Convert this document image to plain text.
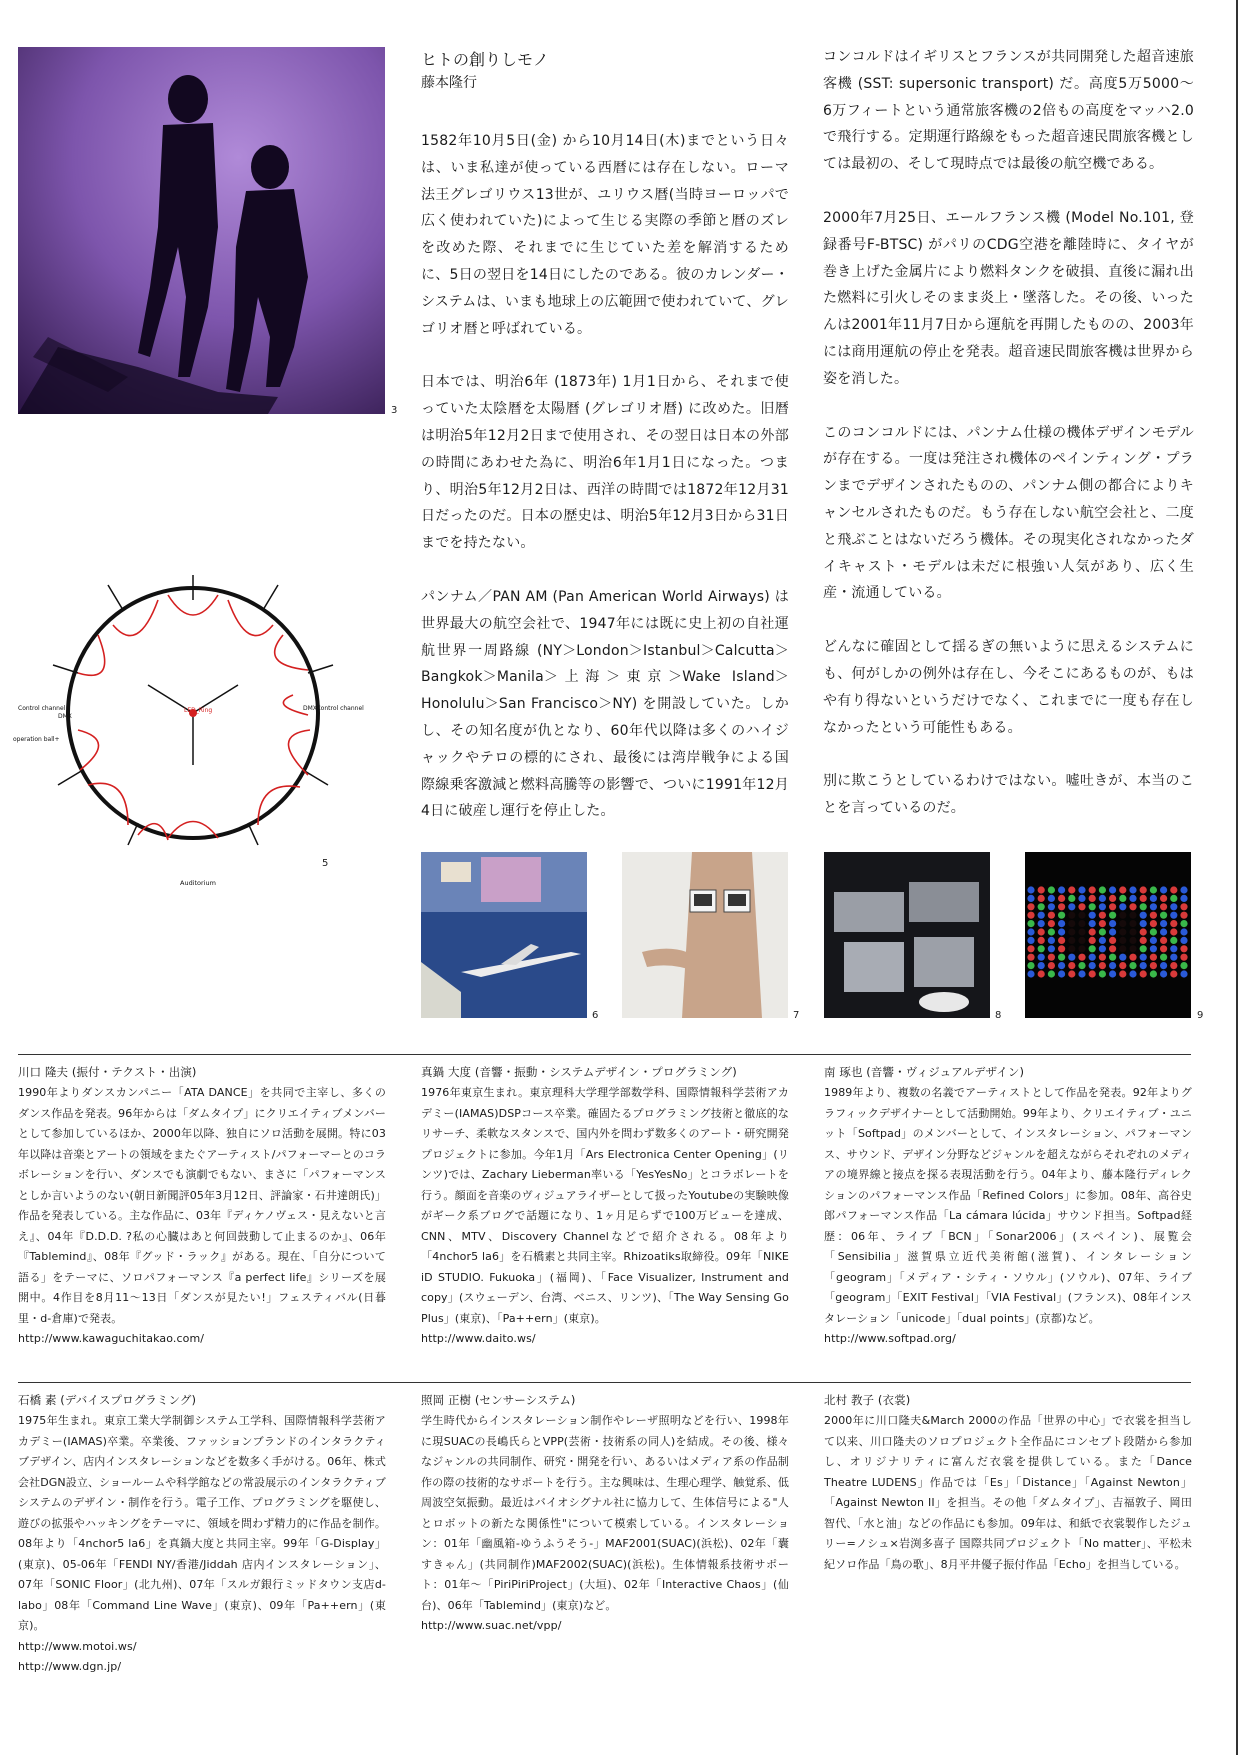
3
ヒトの創りしモノ
藤本隆行

1582年10月5日(金) から10月14日(木)までという日々は、いま私達が使っている西暦には存在しない。ローマ法王グレゴリウス13世が、ユリウス暦(当時ヨーロッパで広く使われていた)によって生じる実際の季節と暦のズレを改めた際、それまでに生じていた差を解消するために、5日の翌日を14日にしたのである。彼のカレンダー・システムは、いまも地球上の広範囲で使われていて、グレゴリオ暦と呼ばれている。

日本では、明治6年 (1873年) 1月1日から、それまで使っていた太陰暦を太陽暦 (グレゴリオ暦) に改めた。旧暦は明治5年12月2日まで使用され、その翌日は日本の外部の時間にあわせた為に、明治6年1月1日になった。つまり、明治5年12月2日は、西洋の時間では1872年12月31日だったのだ。日本の歴史は、明治5年12月3日から31日までを持たない。

パンナム／PAN AM (Pan American World Airways) は世界最大の航空会社で、1947年には既に史上初の自社運航世界一周路線 (NY＞London＞Istanbul＞Calcutta＞Bangkok＞Manila＞上海＞東京＞Wake Island＞Honolulu＞San Francisco＞NY) を開設していた。しかし、その知名度が仇となり、60年代以降は多くのハイジャックやテロの標的にされ、最後には湾岸戦争による国際線乗客激減と燃料高騰等の影響で、ついに1991年12月4日に破産し運行を停止した。

コンコルドはイギリスとフランスが共同開発した超音速旅客機 (SST: supersonic transport) だ。高度5万5000〜6万フィートという通常旅客機の2倍もの高度をマッハ2.0で飛行する。定期運行路線をもった超音速民間旅客機としては最初の、そして現時点では最後の航空機である。

2000年7月25日、エールフランス機 (Model No.101, 登録番号F-BTSC) がパリのCDG空港を離陸時に、タイヤが巻き上げた金属片により燃料タンクを破損、直後に漏れ出た燃料に引火しそのまま炎上・墜落した。その後、いったんは2001年11月7日から運航を再開したものの、2003年には商用運航の停止を発表。超音速民間旅客機は世界から姿を消した。

このコンコルドには、パンナム仕様の機体デザインモデルが存在する。一度は発注され機体のペインティング・プランまでデザインされたものの、パンナム側の都合によりキャンセルされたものだ。もう存在しない航空会社と、二度と飛ぶことはないだろう機体。その現実化されなかったダイキャスト・モデルは未だに根強い人気があり、広く生産・流通している。

どんなに確固として揺るぎの無いように思えるシステムにも、何がしかの例外は存在し、今そこにあるものが、もはや有り得ないというだけでなく、これまでに一度も存在しなかったという可能性もある。

別に欺こうとしているわけではない。嘘吐きが、本当のことを言っているのだ。

LED_Ring
Control channel
DMX
DMXControl channel
operation ball+
Auditorium
5
6	7	8	9
川口 隆夫 (振付・テクスト・出演)

1990年よりダンスカンパニー「ATA DANCE」を共同で主宰し、多くのダンス作品を発表。96年からは「ダムタイプ」にクリエイティブメンバーとして参加しているほか、2000年以降、独自にソロ活動を展開。特に03年以降は音楽とアートの領域をまたぐアーティスト/パフォーマーとのコラボレーションを行い、ダンスでも演劇でもない、まさに「パフォーマンスとしか言いようのない(朝日新聞評05年3月12日、評論家・石井達朗氏)」作品を発表している。主な作品に、03年『ディケノヴェス・見えないと言え』、04年『D.D.D. ?私の心臓はあと何回鼓動して止まるのか』、06年『Tablemind』、08年『グッド・ラック』がある。現在、「自分について語る」をテーマに、ソロパフォーマンス『a perfect life』シリーズを展開中。4作目を8月11〜13日「ダンスが見たい!」フェスティバル(日暮里・d-倉庫)で発表。

http://www.kawaguchitakao.com/
真鍋 大度 (音響・振動・システムデザイン・プログラミング)

1976年東京生まれ。東京理科大学理学部数学科、国際情報科学芸術アカデミー(IAMAS)DSPコース卒業。確固たるプログラミング技術と徹底的なリサーチ、柔軟なスタンスで、国内外を問わず数多くのアート・研究開発プロジェクトに参加。今年1月「Ars Electronica Center Opening」(リンツ)では、Zachary Lieberman率いる「YesYesNo」とコラボレートを行う。顔面を音楽のヴィジュアライザーとして扱ったYoutubeの実験映像がギーク系ブログで話題になり、1ヶ月足らずで100万ビューを達成、CNN、MTV、Discovery Channelなどで紹介される。08年より「4nchor5 la6」を石橋素と共同主宰。Rhizoatiks取締役。09年「NIKE iD STUDIO. Fukuoka」(福岡)、「Face Visualizer, Instrument and copy」(スウェーデン、台湾、ベニス、リンツ)、「The Way Sensing Go Plus」(東京)、「Pa++ern」(東京)。

http://www.daito.ws/
南 琢也 (音響・ヴィジュアルデザイン)

1989年より、複数の名義でアーティストとして作品を発表。92年よりグラフィックデザイナーとして活動開始。99年より、クリエイティブ・ユニット「Softpad」のメンバーとして、インスタレーション、パフォーマンス、サウンド、デザイン分野などジャンルを超えながらそれぞれのメディアの境界線と接点を探る表現活動を行う。04年より、藤本隆行ディレクションのパフォーマンス作品「Refined Colors」に参加。08年、高谷史郎パフォーマンス作品「La cámara lúcida」サウンド担当。Softpad経歴：06年、ライブ「BCN」「Sonar2006」(スペイン)、展覧会「Sensibilia」滋賀県立近代美術館(滋賀)、インタレーション「geogram」「メディア・シティ・ソウル」(ソウル)、07年、ライブ「geogram」「EXIT Festival」「VIA Festival」(フランス)、08年インスタレーション「unicode」「dual points」(京都)など。

http://www.softpad.org/
石橋 素 (デバイスプログラミング)

1975年生まれ。東京工業大学制御システム工学科、国際情報科学芸術アカデミー(IAMAS)卒業。卒業後、ファッションブランドのインタラクティブデザイン、店内インスタレーションなどを数多く手がける。06年、株式会社DGN設立、ショールームや科学館などの常設展示のインタラクティブシステムのデザイン・制作を行う。電子工作、プログラミングを駆使し、遊びの拡張やハッキングをテーマに、領域を問わず精力的に作品を制作。08年より「4nchor5 la6」を真鍋大度と共同主宰。99年「G-Display」(東京)、05-06年「FENDI NY/香港/Jiddah 店内インスタレーション」、07年「SONIC Floor」(北九州)、07年「スルガ銀行ミッドタウン支店d-labo」08年「Command Line Wave」(東京)、09年「Pa++ern」(東京)。

http://www.motoi.ws/
http://www.dgn.jp/
照岡 正樹 (センサーシステム)

学生時代からインスタレーション制作やレーザ照明などを行い、1998年に現SUACの長嶋氏らとVPP(芸術・技術系の同人)を結成。その後、様々なジャンルの共同制作、研究・開発を行い、あるいはメディア系の作品制作の際の技術的なサポートを行う。主な興味は、生理心理学、触覚系、低周波空気振動。最近はバイオシグナル社に協力して、生体信号による"人とロボットの新たな関係性"について模索している。インスタレーション：01年「幽風箱-ゆうふうそう-」MAF2001(SUAC)(浜松)、02年「囊すきゃん」(共同制作)MAF2002(SUAC)(浜松)。生体情報系技術サポート：01年〜「PiriPiriProject」(大垣)、02年「Interactive Chaos」(仙台)、06年「Tablemind」(東京)など。

http://www.suac.net/vpp/
北村 教子 (衣裳)

2000年に川口隆夫&March 2000の作品「世界の中心」で衣裳を担当して以来、川口隆夫のソロプロジェクト全作品にコンセプト段階から参加し、オリジナリティに富んだ衣裳を提供している。また「Dance Theatre LUDENS」作品では「Es」「Distance」「Against Newton」「Against Newton II」を担当。その他「ダムタイプ」、吉福敦子、岡田智代、「水と油」などの作品にも参加。09年は、和紙で衣裳製作したジュリー=ノシュ×岩渕多喜子 国際共同プロジェクト「No matter」、平松未紀ソロ作品「鳥の歌」、8月平井優子振付作品「Echo」を担当している。
